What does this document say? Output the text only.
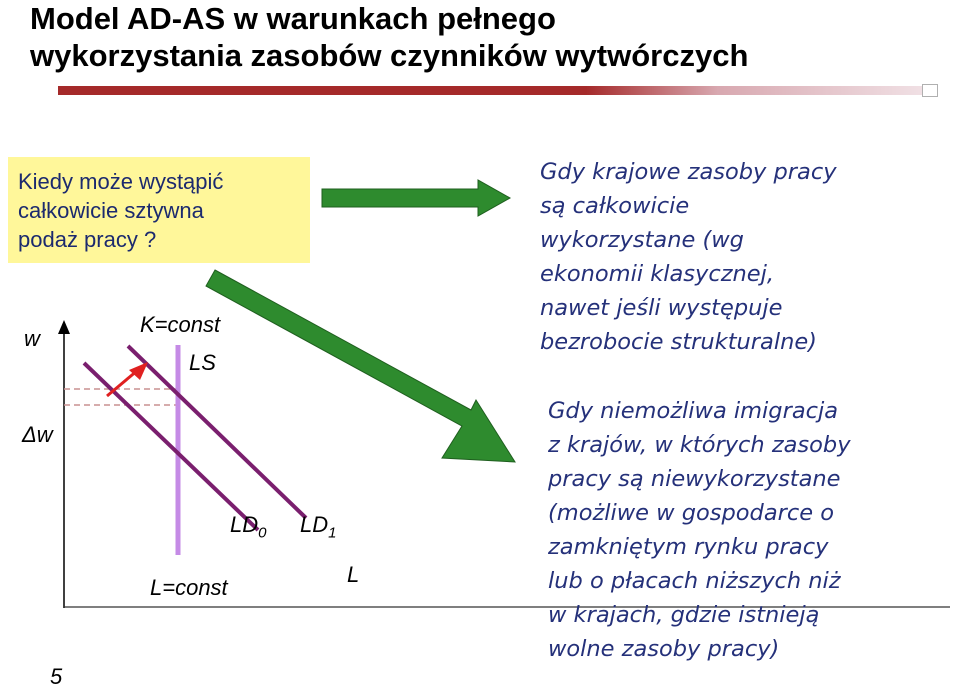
Model AD-AS w warunkach pełnego
wykorzystania zasobów czynników wytwórczych
Kiedy może wystąpić
całkowicie sztywna
podaż pracy ?
w
Δw
L
K=const
LS
$LD_0$ $LD_1$
L=const
Gdy krajowe zasoby pracy
są całkowicie
wykorzystane (wg
ekonomii klasycznej,
nawet jeśli występuje
bezrobocie strukturalne)
Gdy niemożliwa imigracja
z krajów, w których zasoby
pracy są niewykorzystane
(możliwe w gospodarce o
zamkniętym rynku pracy
lub o płacach niższych niż
w krajach, gdzie istnieją
wolne zasoby pracy)
5
